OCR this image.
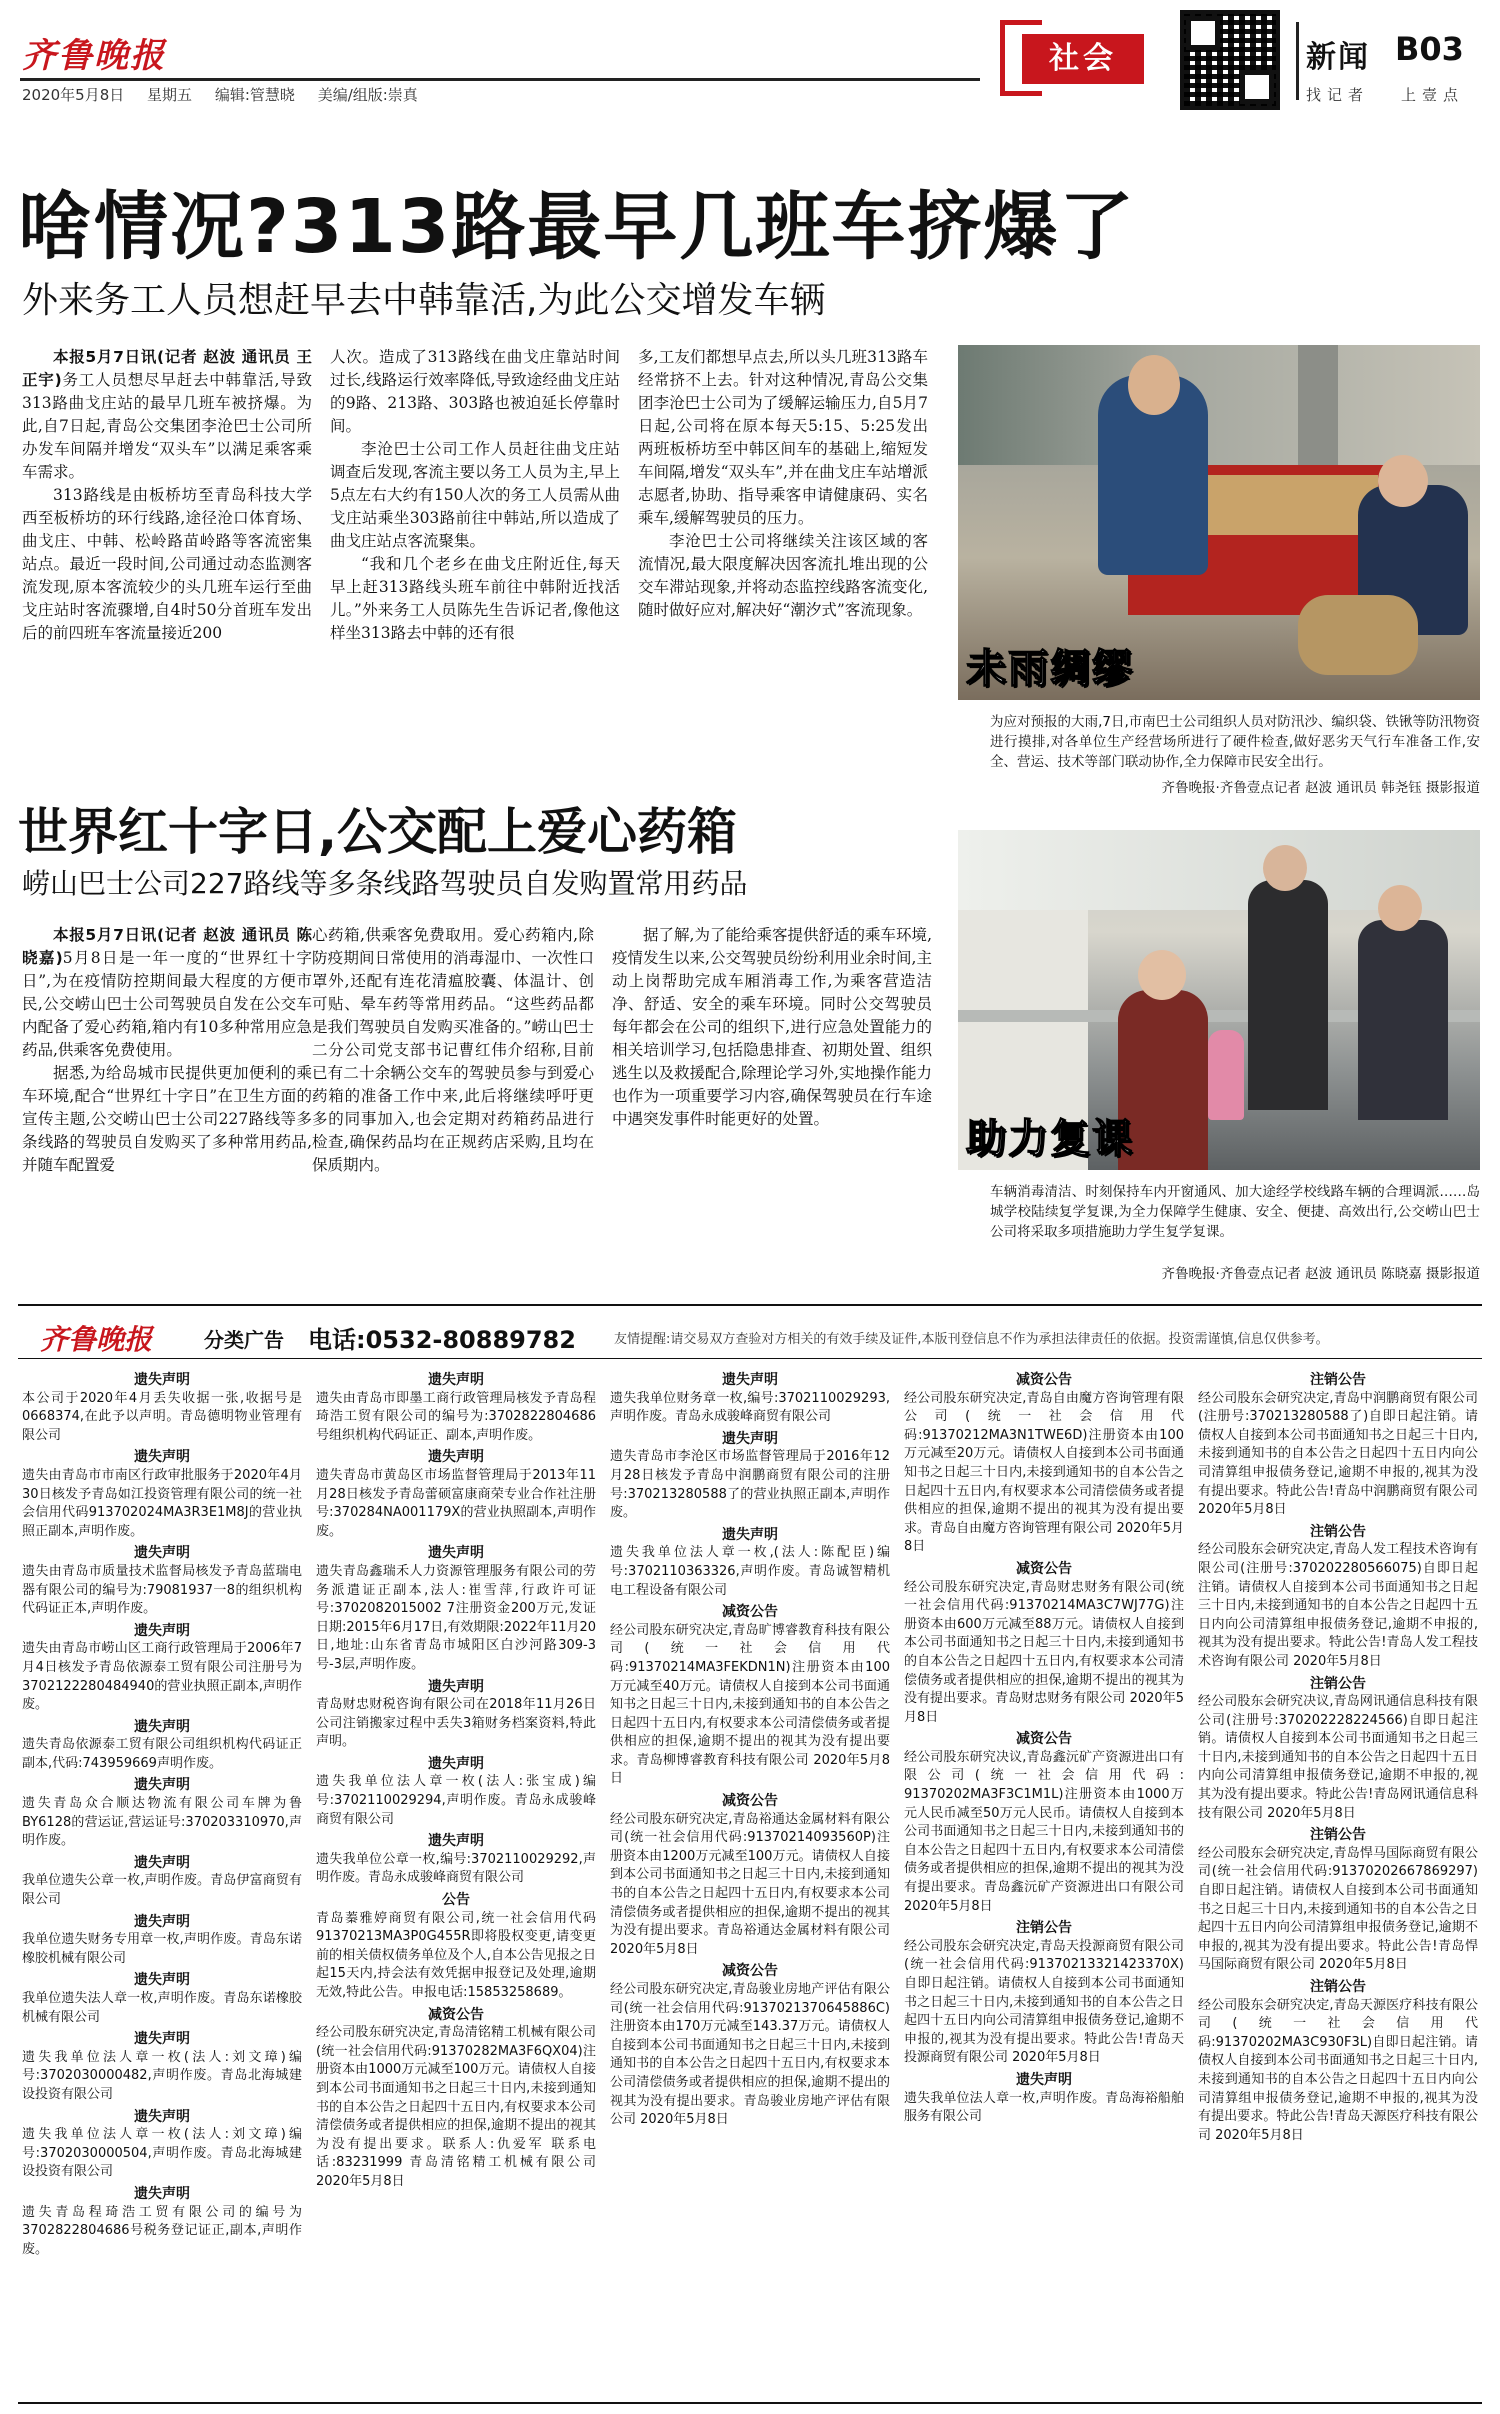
齐鲁晚报
2020年5月8日 星期五 编辑:管慧晓 美编/组版:崇真
社会	新闻 B03
找记者 上壹点
啥情况?313路最早几班车挤爆了
外来务工人员想赶早去中韩靠活,为此公交增发车辆

本报5月7日讯(记者 赵波 通讯员 王正宇)务工人员想尽早赶去中韩靠活,导致313路曲戈庄站的最早几班车被挤爆。为此,自7日起,青岛公交集团李沧巴士公司所办发车间隔并增发“双头车”以满足乘客乘车需求。

313路线是由板桥坊至青岛科技大学西至板桥坊的环行线路,途径沧口体育场、曲戈庄、中韩、松岭路苗岭路等客流密集站点。最近一段时间,公司通过动态监测客流发现,原本客流较少的头几班车运行至曲戈庄站时客流骤增,自4时50分首班车发出后的前四班车客流量接近200

人次。造成了313路线在曲戈庄靠站时间过长,线路运行效率降低,导致途经曲戈庄站的9路、213路、303路也被迫延长停靠时间。

李沧巴士公司工作人员赶往曲戈庄站调查后发现,客流主要以务工人员为主,早上5点左右大约有150人次的务工人员需从曲戈庄站乘坐303路前往中韩站,所以造成了曲戈庄站点客流聚集。

“我和几个老乡在曲戈庄附近住,每天早上赶313路线头班车前往中韩附近找活儿。”外来务工人员陈先生告诉记者,像他这样坐313路去中韩的还有很

多,工友们都想早点去,所以头几班313路车经常挤不上去。针对这种情况,青岛公交集团李沧巴士公司为了缓解运输压力,自5月7日起,公司将在原本每天5:15、5:25发出两班板桥坊至中韩区间车的基础上,缩短发车间隔,增发“双头车”,并在曲戈庄车站增派志愿者,协助、指导乘客申请健康码、实名乘车,缓解驾驶员的压力。

李沧巴士公司将继续关注该区域的客流情况,最大限度解决因客流扎堆出现的公交车滞站现象,并将动态监控线路客流变化,随时做好应对,解决好“潮汐式”客流现象。

未雨绸缪
为应对预报的大雨,7日,市南巴士公司组织人员对防汛沙、编织袋、铁锹等防汛物资进行摸排,对各单位生产经营场所进行了硬件检查,做好恶劣天气行车准备工作,安全、营运、技术等部门联动协作,全力保障市民安全出行。
齐鲁晚报·齐鲁壹点记者 赵波 通讯员 韩尧钰 摄影报道
世界红十字日,公交配上爱心药箱
崂山巴士公司227路线等多条线路驾驶员自发购置常用药品

本报5月7日讯(记者 赵波 通讯员 陈晓嘉)5月8日是一年一度的“世界红十字日”,为在疫情防控期间最大程度的方便市民,公交崂山巴士公司驾驶员自发在公交车内配备了爱心药箱,箱内有10多种常用应急药品,供乘客免费使用。

据悉,为给岛城市民提供更加便利的乘车环境,配合“世界红十字日”在卫生方面的宣传主题,公交崂山巴士公司227路线等多条线路的驾驶员自发购买了多种常用药品,并随车配置爱

心药箱,供乘客免费取用。爱心药箱内,除防疫期间日常使用的消毒湿巾、一次性口罩外,还配有连花清瘟胶囊、体温计、创可贴、晕车药等常用药品。“这些药品都是我们驾驶员自发购买准备的。”崂山巴士二分公司党支部书记曹红伟介绍称,目前已有二十余辆公交车的驾驶员参与到爱心药箱的准备工作中来,此后将继续呼吁更多的同事加入,也会定期对药箱药品进行检查,确保药品均在正规药店采购,且均在保质期内。

据了解,为了能给乘客提供舒适的乘车环境,疫情发生以来,公交驾驶员纷纷利用业余时间,主动上岗帮助完成车厢消毒工作,为乘客营造洁净、舒适、安全的乘车环境。同时公交驾驶员每年都会在公司的组织下,进行应急处置能力的相关培训学习,包括隐患排查、初期处置、组织逃生以及救援配合,除理论学习外,实地操作能力也作为一项重要学习内容,确保驾驶员在行车途中遇突发事件时能更好的处置。	助力复课
车辆消毒清洁、时刻保持车内开窗通风、加大途经学校线路车辆的合理调派……岛城学校陆续复学复课,为全力保障学生健康、安全、便捷、高效出行,公交崂山巴士公司将采取多项措施助力学生复学复课。
齐鲁晚报·齐鲁壹点记者 赵波 通讯员 陈晓嘉 摄影报道
齐鲁晚报	分类广告 电话:0532-80889782	友情提醒:请交易双方查验对方相关的有效手续及证件,本版刊登信息不作为承担法律责任的依据。投资需谨慎,信息仅供参考。
遗失声明
本公司于2020年4月丢失收据一张,收据号是0668374,在此予以声明。青岛德明物业管理有限公司
遗失声明
遗失由青岛市市南区行政审批服务于2020年4月30日核发予青岛如江投资管理有限公司的统一社会信用代码913702024MA3R3E1M8J的营业执照正副本,声明作废。
遗失声明
遗失由青岛市质量技术监督局核发予青岛蓝瑞电器有限公司的编号为:79081937一8的组织机构代码证正本,声明作废。
遗失声明
遗失由青岛市崂山区工商行政管理局于2006年7月4日核发予青岛依源泰工贸有限公司注册号为3702122280484940的营业执照正副本,声明作废。
遗失声明
遗失青岛依源泰工贸有限公司组织机构代码证正副本,代码:743959669声明作废。
遗失声明
遗失青岛众合顺达物流有限公司车牌为鲁BY6128的营运证,营运证号:370203310970,声明作废。
遗失声明
我单位遗失公章一枚,声明作废。青岛伊富商贸有限公司
遗失声明
我单位遗失财务专用章一枚,声明作废。青岛东诺橡胶机械有限公司
遗失声明
我单位遗失法人章一枚,声明作废。青岛东诺橡胶机械有限公司
遗失声明
遗失我单位法人章一枚(法人:刘文璋)编号:3702030000482,声明作废。青岛北海城建设投资有限公司
遗失声明
遗失我单位法人章一枚(法人:刘文璋)编号:3702030000504,声明作废。青岛北海城建设投资有限公司
遗失声明
遗失青岛程琦浩工贸有限公司的编号为3702822804686号税务登记证正,副本,声明作废。
遗失声明
遗失由青岛市即墨工商行政管理局核发予青岛程琦浩工贸有限公司的编号为:3702822804686号组织机构代码证正、副本,声明作废。
遗失声明
遗失青岛市黄岛区市场监督管理局于2013年11月28日核发予青岛蕾硕富康商荣专业合作社注册号:370284NA001179X的营业执照副本,声明作废。
遗失声明
遗失青岛鑫瑞禾人力资源管理服务有限公司的劳务派遣证正副本,法人:崔雪萍,行政许可证号:3702082015002 7注册资金200万元,发证日期:2015年6月17日,有效期限:2022年11月20日,地址:山东省青岛市城阳区白沙河路309-3号-3层,声明作废。
遗失声明
青岛财忠财税咨询有限公司在2018年11月26日公司注销搬家过程中丢失3箱财务档案资料,特此声明。
遗失声明
遗失我单位法人章一枚(法人:张宝成)编号:3702110029294,声明作废。青岛永成骏峰商贸有限公司
遗失声明
遗失我单位公章一枚,编号:3702110029292,声明作废。青岛永成骏峰商贸有限公司
公告
青岛蓁雅婷商贸有限公司,统一社会信用代码91370213MA3P0G455R即将股权变更,请变更前的相关债权债务单位及个人,自本公告见报之日起15天内,持会法有效凭据申报登记及处理,逾期无效,特此公告。申报电话:15853258689。
减资公告
经公司股东研究决定,青岛清铭精工机械有限公司(统一社会信用代码:91370282MA3F6QX04)注册资本由1000万元减至100万元。请债权人自接到本公司书面通知书之日起三十日内,未接到通知书的自本公告之日起四十五日内,有权要求本公司清偿债务或者提供相应的担保,逾期不提出的视其为没有提出要求。联系人:仇爱军 联系电话:83231999 青岛清铭精工机械有限公司 2020年5月8日
遗失声明
遗失我单位财务章一枚,编号:3702110029293,声明作废。青岛永成骏峰商贸有限公司
遗失声明
遗失青岛市李沧区市场监督管理局于2016年12月28日核发予青岛中润鹏商贸有限公司的注册号:370213280588了的营业执照正副本,声明作废。
遗失声明
遗失我单位法人章一枚,(法人:陈配臣)编号:3702110363326,声明作废。青岛诚智精机电工程设备有限公司
减资公告
经公司股东研究决定,青岛旷博睿教育科技有限公司(统一社会信用代码:91370214MA3FEKDN1N)注册资本由100万元减至40万元。请债权人自接到本公司书面通知书之日起三十日内,未接到通知书的自本公告之日起四十五日内,有权要求本公司清偿债务或者提供相应的担保,逾期不提出的视其为没有提出要求。青岛柳博睿教育科技有限公司 2020年5月8日
减资公告
经公司股东研究决定,青岛裕通达金属材料有限公司(统一社会信用代码:91370214093560P)注册资本由1200万元减至100万元。请债权人自接到本公司书面通知书之日起三十日内,未接到通知书的自本公告之日起四十五日内,有权要求本公司清偿债务或者提供相应的担保,逾期不提出的视其为没有提出要求。青岛裕通达金属材料有限公司 2020年5月8日
减资公告
经公司股东研究决定,青岛骏业房地产评估有限公司(统一社会信用代码:9137021370645886C)注册资本由170万元减至143.37万元。请债权人自接到本公司书面通知书之日起三十日内,未接到通知书的自本公告之日起四十五日内,有权要求本公司清偿债务或者提供相应的担保,逾期不提出的视其为没有提出要求。青岛骏业房地产评估有限公司 2020年5月8日
减资公告
经公司股东研究决定,青岛自由魔方咨询管理有限公司(统一社会信用代码:91370212MA3N1TWE6D)注册资本由100万元减至20万元。请债权人自接到本公司书面通知书之日起三十日内,未接到通知书的自本公告之日起四十五日内,有权要求本公司清偿债务或者提供相应的担保,逾期不提出的视其为没有提出要求。青岛自由魔方咨询管理有限公司 2020年5月8日
减资公告
经公司股东研究决定,青岛财忠财务有限公司(统一社会信用代码:91370214MA3C7WJ77G)注册资本由600万元减至88万元。请债权人自接到本公司书面通知书之日起三十日内,未接到通知书的自本公告之日起四十五日内,有权要求本公司清偿债务或者提供相应的担保,逾期不提出的视其为没有提出要求。青岛财忠财务有限公司 2020年5月8日
减资公告
经公司股东研究决议,青岛鑫沅矿产资源进出口有限公司(统一社会信用代码: 91370202MA3F3C1M1L)注册资本由1000万元人民币减至50万元人民币。请债权人自接到本公司书面通知书之日起三十日内,未接到通知书的自本公告之日起四十五日内,有权要求本公司清偿债务或者提供相应的担保,逾期不提出的视其为没有提出要求。青岛鑫沅矿产资源进出口有限公司 2020年5月8日
注销公告
经公司股东会研究决定,青岛天投源商贸有限公司(统一社会信用代码:91370213321423370X)自即日起注销。请债权人自接到本公司书面通知书之日起三十日内,未接到通知书的自本公告之日起四十五日内向公司清算组申报债务登记,逾期不申报的,视其为没有提出要求。特此公告!青岛天投源商贸有限公司 2020年5月8日
遗失声明
遗失我单位法人章一枚,声明作废。青岛海裕船舶服务有限公司
注销公告
经公司股东会研究决定,青岛中润鹏商贸有限公司(注册号:370213280588了)自即日起注销。请债权人自接到本公司书面通知书之日起三十日内,未接到通知书的自本公告之日起四十五日内向公司清算组申报债务登记,逾期不申报的,视其为没有提出要求。特此公告!青岛中润鹏商贸有限公司 2020年5月8日
注销公告
经公司股东会研究决定,青岛人发工程技术咨询有限公司(注册号:370202280566075)自即日起注销。请债权人自接到本公司书面通知书之日起三十日内,未接到通知书的自本公告之日起四十五日内向公司清算组申报债务登记,逾期不申报的,视其为没有提出要求。特此公告!青岛人发工程技术咨询有限公司 2020年5月8日
注销公告
经公司股东会研究决议,青岛网讯通信息科技有限公司(注册号:370202228224566)自即日起注销。请债权人自接到本公司书面通知书之日起三十日内,未接到通知书的自本公告之日起四十五日内向公司清算组申报债务登记,逾期不申报的,视其为没有提出要求。特此公告!青岛网讯通信息科技有限公司 2020年5月8日
注销公告
经公司股东会研究决定,青岛悍马国际商贸有限公司(统一社会信用代码:91370202667869297)自即日起注销。请债权人自接到本公司书面通知书之日起三十日内,未接到通知书的自本公告之日起四十五日内向公司清算组申报债务登记,逾期不申报的,视其为没有提出要求。特此公告!青岛悍马国际商贸有限公司 2020年5月8日
注销公告
经公司股东会研究决定,青岛天源医疗科技有限公司(统一社会信用代码:91370202MA3C930F3L)自即日起注销。请债权人自接到本公司书面通知书之日起三十日内,未接到通知书的自本公告之日起四十五日内向公司清算组申报债务登记,逾期不申报的,视其为没有提出要求。特此公告!青岛天源医疗科技有限公司 2020年5月8日
